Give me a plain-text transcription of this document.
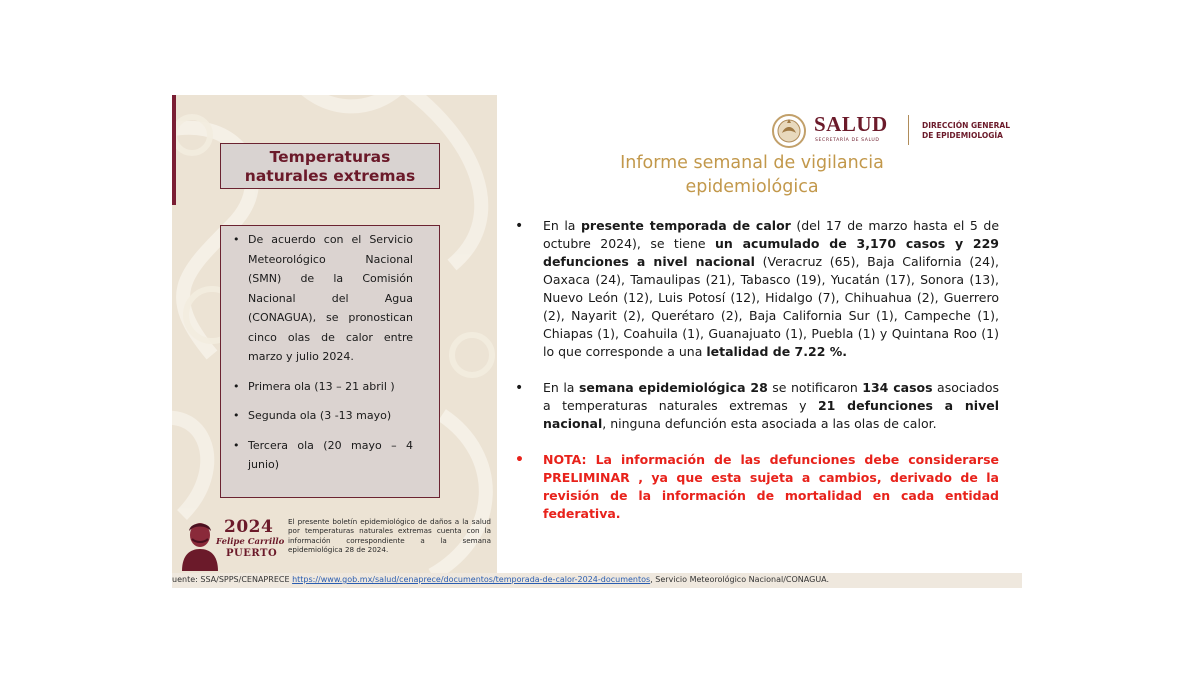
Temperaturas
naturales extremas
• De acuerdo con el Servicio Meteorológico Nacional (SMN) de la Comisión Nacional del Agua (CONAGUA), se pronostican cinco olas de calor entre marzo y julio 2024.
• Primera ola (13 – 21 abril )
• Segunda ola (3 -13 mayo)
• Tercera ola (20 mayo – 4 junio)
2024
Felipe Carrillo
PUERTO
El presente boletín epidemiológico de daños a la salud por temperaturas naturales extremas cuenta con la información correspondiente a la semana epidemiológica 28 de 2024.
SALUD
SECRETARÍA DE SALUD
DIRECCIÓN GENERAL
DE EPIDEMIOLOGÍA
Informe semanal de vigilancia
epidemiológica
• En la presente temporada de calor (del 17 de marzo hasta el 5 de octubre 2024), se tiene un acumulado de 3,170 casos y 229 defunciones a nivel nacional (Veracruz (65), Baja California (24), Oaxaca (24), Tamaulipas (21), Tabasco (19), Yucatán (17), Sonora (13), Nuevo León (12), Luis Potosí (12), Hidalgo (7), Chihuahua (2), Guerrero (2), Nayarit (2), Querétaro (2), Baja California Sur (1), Campeche (1), Chiapas (1), Coahuila (1), Guanajuato (1), Puebla (1) y Quintana Roo (1) lo que corresponde a una letalidad de 7.22 %.
• En la semana epidemiológica 28 se notificaron 134 casos asociados a temperaturas naturales extremas y 21 defunciones a nivel nacional, ninguna defunción esta asociada a las olas de calor.
• NOTA: La información de las defunciones debe considerarse PRELIMINAR , ya que esta sujeta a cambios, derivado de la revisión de la información de mortalidad en cada entidad federativa.
uente: SSA/SPPS/CENAPRECE https://www.gob.mx/salud/cenaprece/documentos/temporada-de-calor-2024-documentos, Servicio Meteorológico Nacional/CONAGUA.
